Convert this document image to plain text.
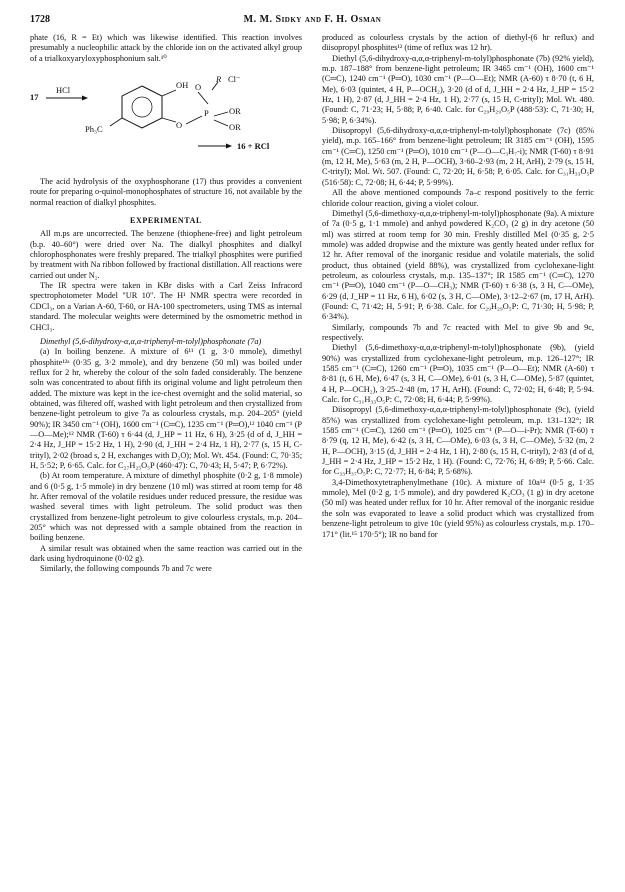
1728	M. M. Sidky and F. H. Osman

phate (16, R = Et) which was likewise identified. This reaction involves presumably a nucleophilic attack by the chloride ion on the activated alkyl group of a trialkoxyaryloxyphosphonium salt.¹⁰

17
HCl	OH O
R Cl⁻
P
O
OR
OR
Ph₃C
16 + RCl

The acid hydrolysis of the oxyphosphorane (17) thus provides a convenient route for preparing o-quinol-monophosphates of structure 16, not available by the normal reaction of dialkyl phosphites.

EXPERIMENTAL

All m.ps are uncorrected. The benzene (thiophene-free) and light petroleum (b.p. 40–60°) were dried over Na. The dialkyl phosphites and dialkyl chlorophosphonates were freshly prepared. The trialkyl phosphites were purified by treatment with Na ribbon followed by fractional distillation. All reactions were carried out under N₂.

The IR spectra were taken in KBr disks with a Carl Zeiss Infracord spectrophotometer Model "UR 10". The H¹ NMR spectra were recorded in CDCl₃, on a Varian A-60, T-60, or HA-100 spectrometers, using TMS as internal standard. The molecular weights were determined by the osmometric method in CHCl₃.

Dimethyl (5,6-dihydroxy-α,α,α-triphenyl-m-tolyl)phosphonate (7a)

(a) In boiling benzene. A mixture of 6¹¹ (1 g, 3·0 mmole), dimethyl phosphite¹²ᵃ (0·35 g, 3·2 mmole), and dry benzene (50 ml) was boiled under reflux for 2 hr, whereby the colour of the soln faded considerably. The benzene soln was concentrated to about fifth its original volume and light petroleum then added. The mixture was kept in the ice-chest overnight and the solid material, so obtained, was filtered off, washed with light petroleum and then crystallized from benzene-light petroleum to give 7a as colourless crystals, m.p. 204–205° (yield 90%); IR 3450 cm⁻¹ (OH), 1600 cm⁻¹ (C═C), 1235 cm⁻¹ (P═O),¹² 1040 cm⁻¹ (P—O—Me);¹² NMR (T-60) τ 6·44 (d, J_HP = 11 Hz, 6 H), 3·25 (d of d, J_HH = 2·4 Hz, J_HP = 15·2 Hz, 1 H), 2·90 (d, J_HH = 2·4 Hz, 1 H), 2·77 (s, 15 H, C-trityl), 2·02 (broad s, 2 H, exchanges with D₂O); Mol. Wt. 454. (Found: C, 70·35; H, 5·52; P, 6·65. Calc. for C₂₇H₂₅O₅P (460·47): C, 70·43; H, 5·47; P, 6·72%).

(b) At room temperature. A mixture of dimethyl phosphite (0·2 g, 1·8 mmole) and 6 (0·5 g, 1·5 mmole) in dry benzene (10 ml) was stirred at room temp for 48 hr. After removal of the volatile residues under reduced pressure, the residue was washed several times with light petroleum. The solid product was then crystallized from benzene-light petroleum to give colourless crystals, m.p. 204–205° which was not depressed with a sample obtained from the reaction in boiling benzene.

A similar result was obtained when the same reaction was carried out in the dark using hydroquinone (0·02 g).

Similarly, the following compounds 7b and 7c were

produced as colourless crystals by the action of diethyl-(6 hr reflux) and diisopropyl phosphites¹² (time of reflux was 12 hr).

Diethyl (5,6-dihydroxy-α,α,α-triphenyl-m-tolyl)phosphonate (7b) (92% yield), m.p. 187–188° from benzene-light petroleum; IR 3465 cm⁻¹ (OH), 1600 cm⁻¹ (C═C), 1240 cm⁻¹ (P═O), 1030 cm⁻¹ (P—O—Et); NMR (A-60) τ 8·70 (t, 6 H, Me), 6·03 (quintet, 4 H, P—OCH₂), 3·20 (d of d, J_HH = 2·4 Hz, J_HP = 15·2 Hz, 1 H), 2·87 (d, J_HH = 2·4 Hz, 1 H), 2·77 (s, 15 H, C-trityl); Mol. Wt. 480. (Found: C, 71·23; H, 5·88; P, 6·40. Calc. for C₂₉H₂₉O₅P (488·53): C, 71·30; H, 5·98; P, 6·34%).

Diisopropyl (5,6-dihydroxy-α,α,α-triphenyl-m-tolyl)phosphonate (7c) (85% yield), m.p. 165–166° from benzene-light petroleum; IR 3185 cm⁻¹ (OH), 1595 cm⁻¹ (C═C), 1250 cm⁻¹ (P═O), 1010 cm⁻¹ (P—O—C₃H₇-i); NMR (T-60) τ 8·91 (m, 12 H, Me), 5·63 (m, 2 H, P—OCH), 3·60–2·93 (m, 2 H, ArH), 2·79 (s, 15 H, C-trityl); Mol. Wt. 507. (Found: C, 72·20; H, 6·58; P, 6·05. Calc. for C₃₁H₃₃O₅P (516·58): C, 72·08; H, 6·44; P, 5·99%).

All the above mentioned compounds 7a–c respond positively to the ferric chloride colour reaction, giving a violet colour.

Dimethyl (5,6-dimethoxy-α,α,α-triphenyl-m-tolyl)phosphonate (9a). A mixture of 7a (0·5 g, 1·1 mmole) and anhyd powdered K₂CO₃ (2 g) in dry acetone (50 ml) was stirred at room temp for 30 min. Freshly distilled MeI (0·35 g, 2·5 mmole) was added dropwise and the mixture was gently heated under reflux for 12 hr. After removal of the inorganic residue and volatile materials, the solid product, thus obtained (yield 88%), was crystallized from cyclohexane-light petroleum, as colourless crystals, m.p. 135–137°; IR 1585 cm⁻¹ (C═C), 1270 cm⁻¹ (P═O), 1040 cm⁻¹ (P—O—CH₃); NMR (T-60) τ 6·38 (s, 3 H, C—OMe), 6·29 (d, J_HP = 11 Hz, 6 H), 6·02 (s, 3 H, C—OMe), 3·12–2·67 (m, 17 H, ArH). (Found: C, 71·42; H, 5·91; P, 6·38. Calc. for C₂₉H₂₉O₅P: C, 71·30; H, 5·98; P, 6·34%).

Similarly, compounds 7b and 7c reacted with MeI to give 9b and 9c, respectively.

Diethyl (5,6-dimethoxy-α,α,α-triphenyl-m-tolyl)phosphonate (9b), (yield 90%) was crystallized from cyclohexane-light petroleum, m.p. 126–127°; IR 1585 cm⁻¹ (C═C), 1260 cm⁻¹ (P═O), 1035 cm⁻¹ (P—O—Et); NMR (A-60) τ 8·81 (t, 6 H, Me), 6·47 (s, 3 H, C—OMe), 6·01 (s, 3 H, C—OMe), 5·87 (quintet, 4 H, P—OCH₂), 3·25–2·48 (m, 17 H, ArH). (Found: C, 72·02; H, 6·48; P, 5·94. Calc. for C₃₁H₃₃O₅P: C, 72·08; H, 6·44; P, 5·99%).

Diisopropyl (5,6-dimethoxy-α,α,α-triphenyl-m-tolyl)phosphonate (9c), (yield 85%) was crystallized from cyclohexane-light petroleum, m.p. 131–132°; IR 1585 cm⁻¹ (C═C), 1260 cm⁻¹ (P═O), 1025 cm⁻¹ (P—O—i-Pr); NMR (T-60) τ 8·79 (q, 12 H, Me), 6·42 (s, 3 H, C—OMe), 6·03 (s, 3 H, C—OMe), 5·32 (m, 2 H, P—OCH), 3·15 (d, J_HH = 2·4 Hz, 1 H), 2·80 (s, 15 H, C-trityl), 2·83 (d of d, J_HH = 2·4 Hz, J_HP = 15·2 Hz, 1 H). (Found: C, 72·76; H, 6·89; P, 5·66. Calc. for C₃₃H₃₇O₅P: C, 72·77; H, 6·84; P, 5·68%).

3,4-Dimethoxytetraphenylmethane (10c). A mixture of 10a¹⁴ (0·5 g, 1·35 mmole), MeI (0·2 g, 1·5 mmole), and dry powdered K₂CO₃ (1 g) in dry acetone (50 ml) was heated under reflux for 10 hr. After removal of the inorganic residue the soln was evaporated to leave a solid product which was crystallized from benzene-light petroleum to give 10c (yield 95%) as colourless crystals, m.p. 170–171° (lit.¹⁵ 170·5°); IR no band for
